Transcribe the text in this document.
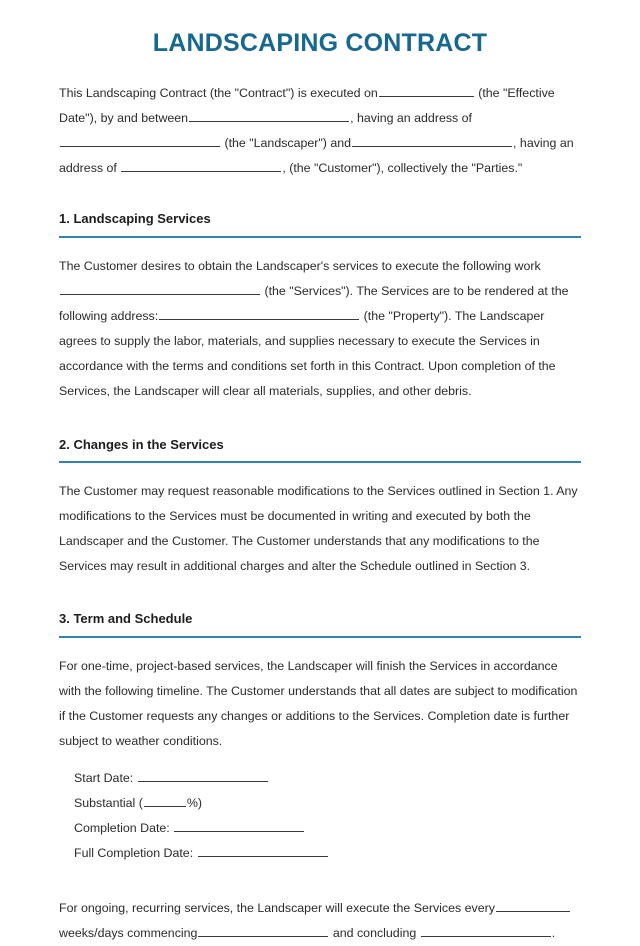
LANDSCAPING CONTRACT

This Landscaping Contract (the "Contract") is executed on	(the "Effective Date"), by and between	, having an address of  (the "Landscaper") and	, having an address of	, (the "Customer"), collectively the "Parties."

1. Landscaping Services

The Customer desires to obtain the Landscaper's services to execute the following work  (the "Services"). The Services are to be rendered at the following address:	(the "Property"). The Landscaper agrees to supply the labor, materials, and supplies necessary to execute the Services in accordance with the terms and conditions set forth in this Contract. Upon completion of the Services, the Landscaper will clear all materials, supplies, and other debris.

2. Changes in the Services

The Customer may request reasonable modifications to the Services outlined in Section 1. Any modifications to the Services must be documented in writing and executed by both the Landscaper and the Customer. The Customer understands that any modifications to the Services may result in additional charges and alter the Schedule outlined in Section 3.

3. Term and Schedule

For one-time, project-based services, the Landscaper will finish the Services in accordance with the following timeline. The Customer understands that all dates are subject to modification if the Customer requests any changes or additions to the Services. Completion date is further subject to weather conditions.

Start Date:
Substantial (	%)
Completion Date:
Full Completion Date:

For ongoing, recurring services, the Landscaper will execute the Services every weeks/days commencing	and concluding	.
